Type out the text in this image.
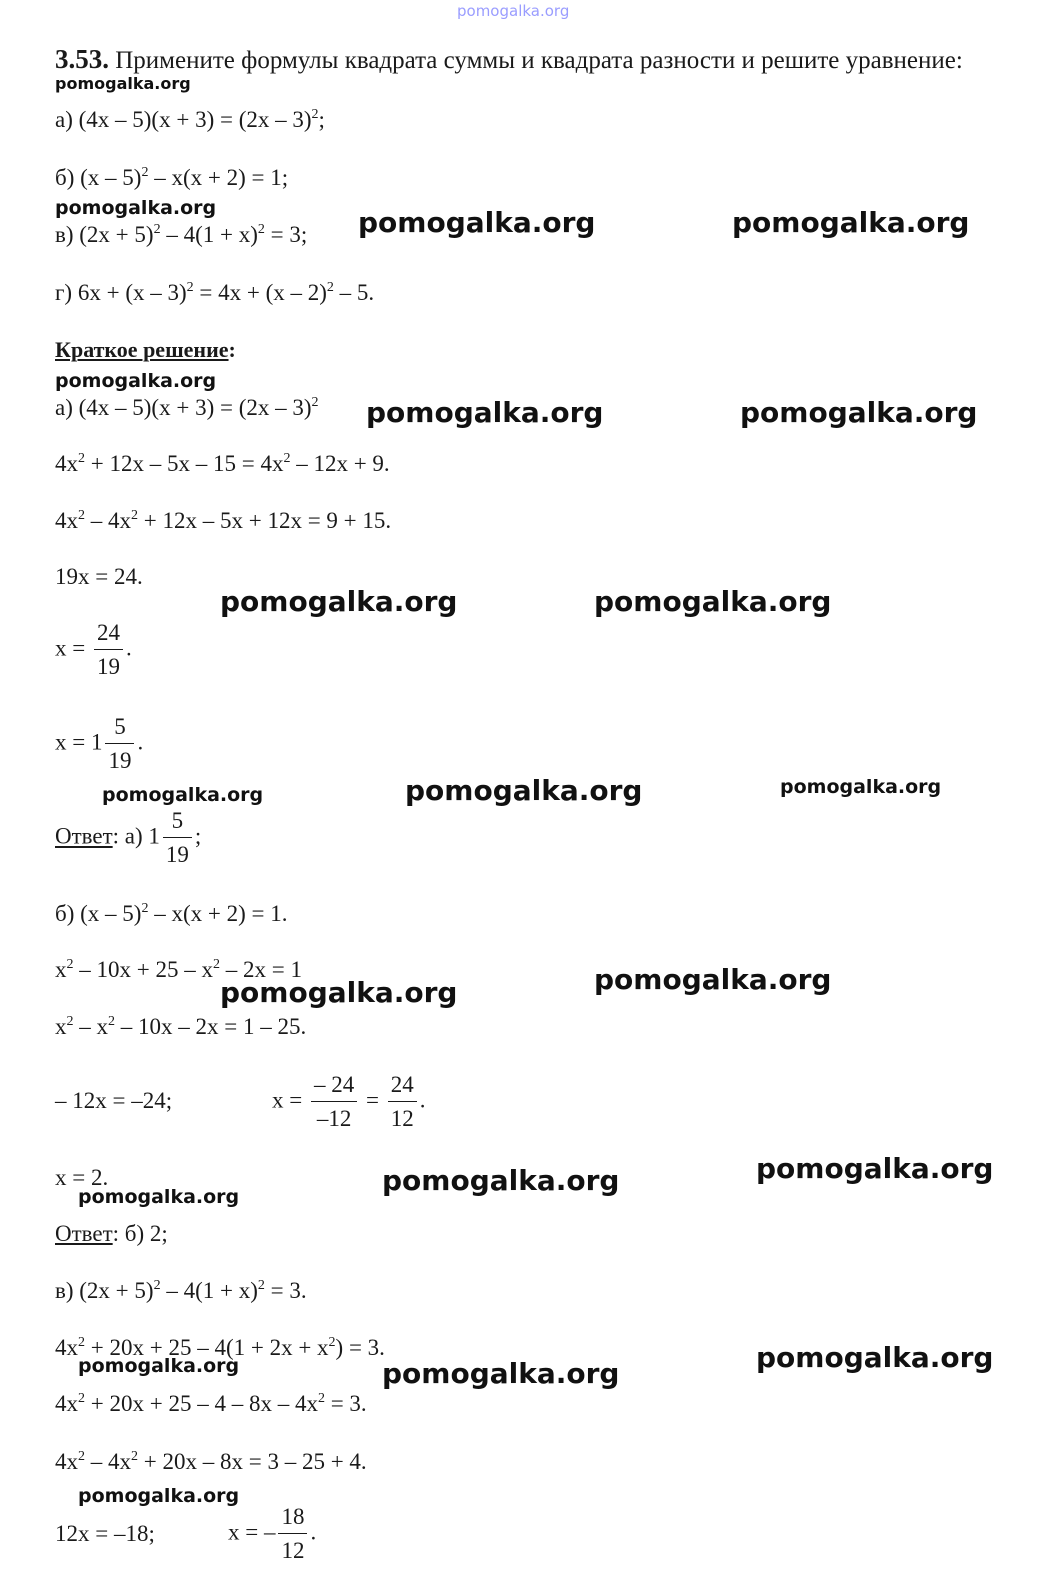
pomogalka.org
3.53. Примените формулы квадрата суммы и квадрата разности и решите уравнение:
а) (4x – 5)(x + 3) = (2x – 3)$^2$;
б) (x – 5)$^2$ – x(x + 2) = 1;
в) $(2x + 5)^2 - 4(1 + x)^2 = 3$;
г) 6x + (x – 3)$^2$ = 4x + (x – 2)$^2$ – 5.
Краткое решение:
а) (4x – 5)(x + 3) = (2x – 3)$^2$
$4x^2 + 12x - 5x - 15 = 4x^2 - 12x + 9$.
$4x^2 - 4x^2 + 12x - 5x + 12x = 9 + 15$.
19x = 24.
$x = \frac{24}{19}$ .
$x = 1 \frac{5}{19}$ .
Ответ: а) $1 \frac{5}{19}$ ;
б) (x – 5)$^2$ – x(x + 2) = 1.
$x^2 - 10x + 25 - x^2 - 2x = 1$
$x^2 - x^2 - 10x - 2x = 1 - 25$.
– 12x = –24;	$x = \frac{- 24}{-12} = \frac{24}{12}$ .
x = 2.
Ответ: б) 2;
в) $(2x + 5)^2 - 4(1 + x)^2 = 3$.
$4x^2 + 20x + 25 - 4(1 + 2x + x^2) = 3$.
$4x^2 + 20x + 25 - 4 - 8x - 4x^2 = 3$.
$4x^2 - 4x^2 + 20x - 8x = 3 - 25 + 4$.
12x = –18;	x = – $\frac{18}{12}$ .
pomogalka.org
pomogalka.org
pomogalka.org
pomogalka.org	pomogalka.org
pomogalka.org
pomogalka.org
pomogalka.org
pomogalka.org	pomogalka.org
pomogalka.org	pomogalka.org
pomogalka.org	pomogalka.org
pomogalka.org
pomogalka.org	pomogalka.org
pomogalka.org	pomogalka.org
pomogalka.org	pomogalka.org
